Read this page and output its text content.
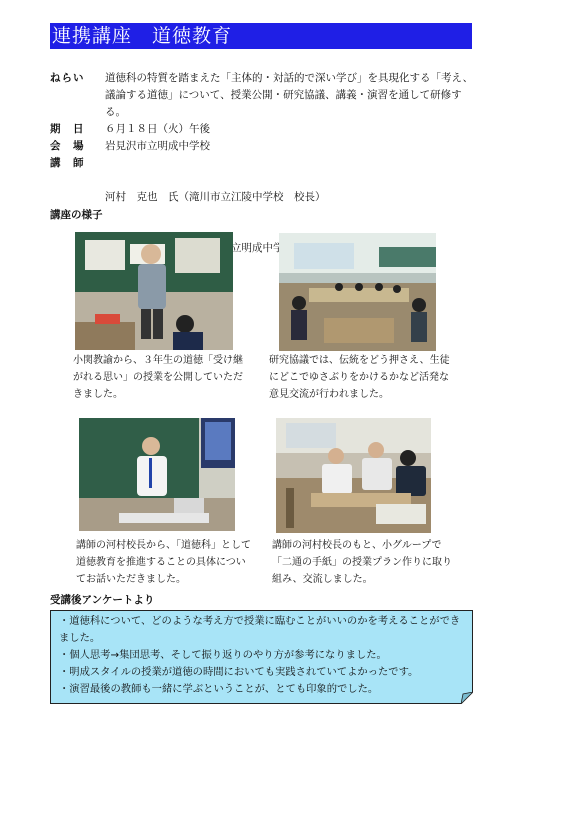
連携講座　道徳教育
ねらい	道徳科の特質を踏まえた「主体的・対話的で深い学び」を具現化する「考え、議論する道徳」について、授業公開・研究協議、講義・演習を通して研修する。
期　日	６月１８日（火）午後
会　場	岩見沢市立明成中学校
講　師

河村　克也　氏（滝川市立江陵中学校　校長）

講座の様子
小関教諭から、３年生の道徳「受け継がれる思い」の授業を公開していただきました。
研究協議では、伝統をどう押さえ、生徒にどこでゆさぶりをかけるかなど活発な意見交流が行われました。
講師の河村校長から、「道徳科」として道徳教育を推進することの具体についてお話いただきました。
講師の河村校長のもと、小グループで「二通の手紙」の授業プラン作りに取り組み、交流しました。
受講後アンケートより
・道徳科について、どのような考え方で授業に臨むことがいいのかを考えることができました。
・個人思考→集団思考、そして振り返りのやり方が参考になりました。
・明成スタイルの授業が道徳の時間においても実践されていてよかったです。
・演習最後の教師も一緒に学ぶということが、とても印象的でした。
